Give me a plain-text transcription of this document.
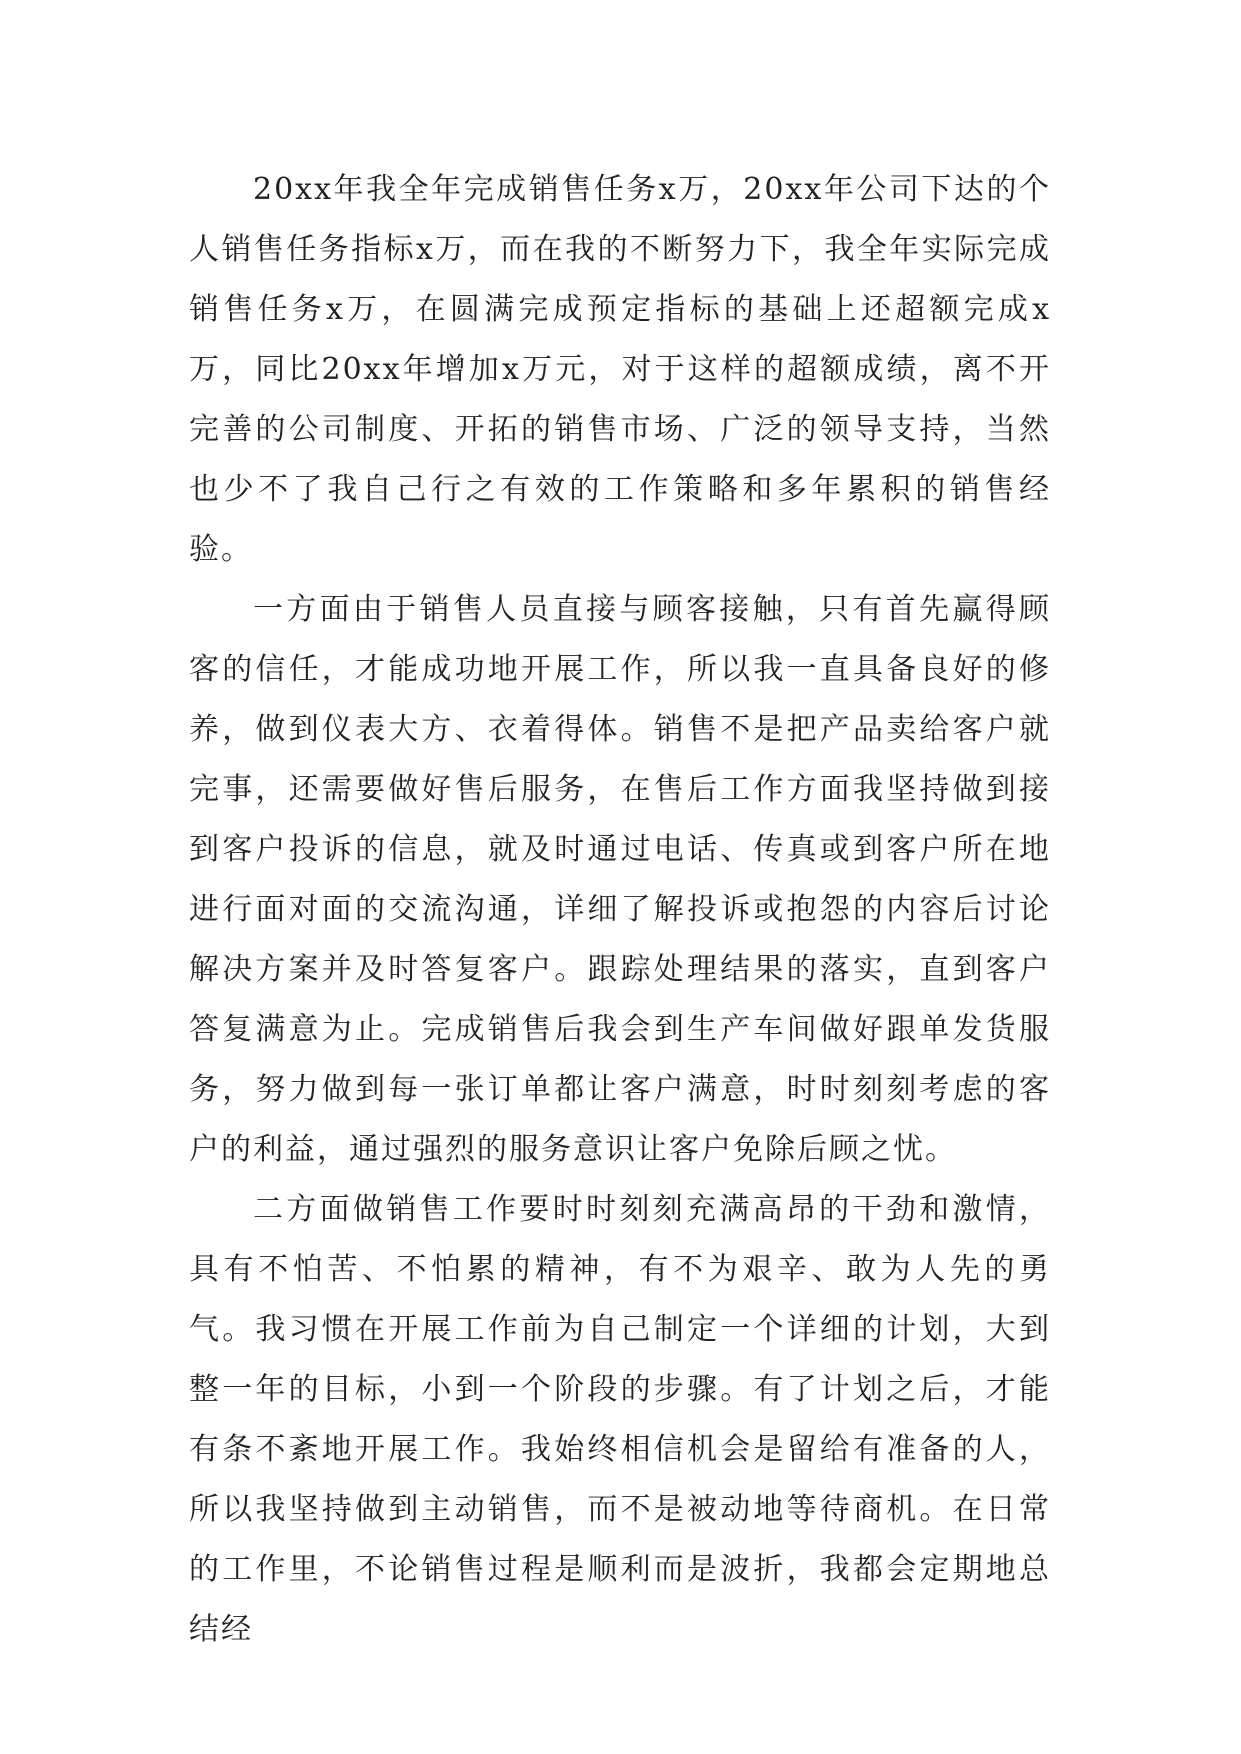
20xx年我全年完成销售任务x万，20xx年公司下达的个人销售任务指标x万，而在我的不断努力下，我全年实际完成销售任务x万，在圆满完成预定指标的基础上还超额完成x万，同比20xx年增加x万元，对于这样的超额成绩，离不开完善的公司制度、开拓的销售市场、广泛的领导支持，当然也少不了我自己行之有效的工作策略和多年累积的销售经验。

一方面由于销售人员直接与顾客接触，只有首先赢得顾客的信任，才能成功地开展工作，所以我一直具备良好的修养，做到仪表大方、衣着得体。销售不是把产品卖给客户就完事，还需要做好售后服务，在售后工作方面我坚持做到接到客户投诉的信息，就及时通过电话、传真或到客户所在地进行面对面的交流沟通，详细了解投诉或抱怨的内容后讨论解决方案并及时答复客户。跟踪处理结果的落实，直到客户答复满意为止。完成销售后我会到生产车间做好跟单发货服务，努力做到每一张订单都让客户满意，时时刻刻考虑的客户的利益，通过强烈的服务意识让客户免除后顾之忧。

二方面做销售工作要时时刻刻充满高昂的干劲和激情，具有不怕苦、不怕累的精神，有不为艰辛、敢为人先的勇气。我习惯在开展工作前为自己制定一个详细的计划，大到整一年的目标，小到一个阶段的步骤。有了计划之后，才能有条不紊地开展工作。我始终相信机会是留给有准备的人，所以我坚持做到主动销售，而不是被动地等待商机。在日常的工作里，不论销售过程是顺利而是波折，我都会定期地总结经
